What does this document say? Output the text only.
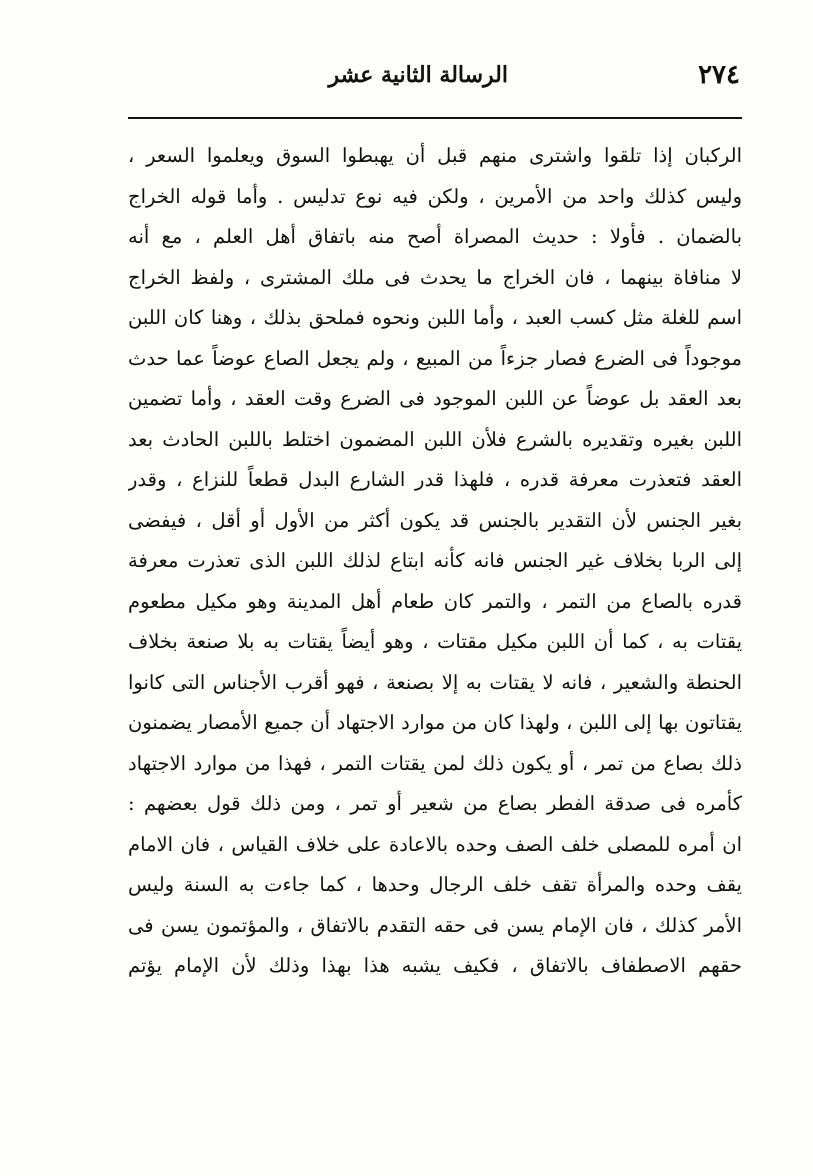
٢٧٤
الرسالة الثانية عشر
الركبان إذا تلقوا واشترى منهم قبل أن يهبطوا السوق ويعلموا السعر ،
وليس كذلك واحد من الأمرين ، ولكن فيه نوع تدليس . وأما قوله الخراج
بالضمان . فأولا : حديث المصراة أصح منه باتفاق أهل العلم ، مع أنه
لا منافاة بينهما ، فان الخراج ما يحدث فى ملك المشترى ، ولفظ الخراج
اسم للغلة مثل كسب العبد ، وأما اللبن ونحوه فملحق بذلك ، وهنا كان اللبن
موجوداً فى الضرع فصار جزءاً من المبيع ، ولم يجعل الصاع عوضاً عما حدث
بعد العقد بل عوضاً عن اللبن الموجود فى الضرع وقت العقد ، وأما تضمين
اللبن بغيره وتقديره بالشرع فلأن اللبن المضمون اختلط باللبن الحادث بعد
العقد فتعذرت معرفة قدره ، فلهذا قدر الشارع البدل قطعاً للنزاع ، وقدر
بغير الجنس لأن التقدير بالجنس قد يكون أكثر من الأول أو أقل ، فيفضى
إلى الربا بخلاف غير الجنس فانه كأنه ابتاع لذلك اللبن الذى تعذرت معرفة
قدره بالصاع من التمر ، والتمر كان طعام أهل المدينة وهو مكيل مطعوم
يقتات به ، كما أن اللبن مكيل مقتات ، وهو أيضاً يقتات به بلا صنعة بخلاف
الحنطة والشعير ، فانه لا يقتات به إلا بصنعة ، فهو أقرب الأجناس التى كانوا
يقتاتون بها إلى اللبن ، ولهذا كان من موارد الاجتهاد أن جميع الأمصار يضمنون
ذلك بصاع من تمر ، أو يكون ذلك لمن يقتات التمر ، فهذا من موارد الاجتهاد
كأمره فى صدقة الفطر بصاع من شعير أو تمر ، ومن ذلك قول بعضهم :
ان أمره للمصلى خلف الصف وحده بالاعادة على خلاف القياس ، فان الامام
يقف وحده والمرأة تقف خلف الرجال وحدها ، كما جاءت به السنة وليس
الأمر كذلك ، فان الإمام يسن فى حقه التقدم بالاتفاق ، والمؤتمون يسن فى
حقهم الاصطفاف بالاتفاق ، فكيف يشبه هذا بهذا وذلك لأن الإمام يؤتم
